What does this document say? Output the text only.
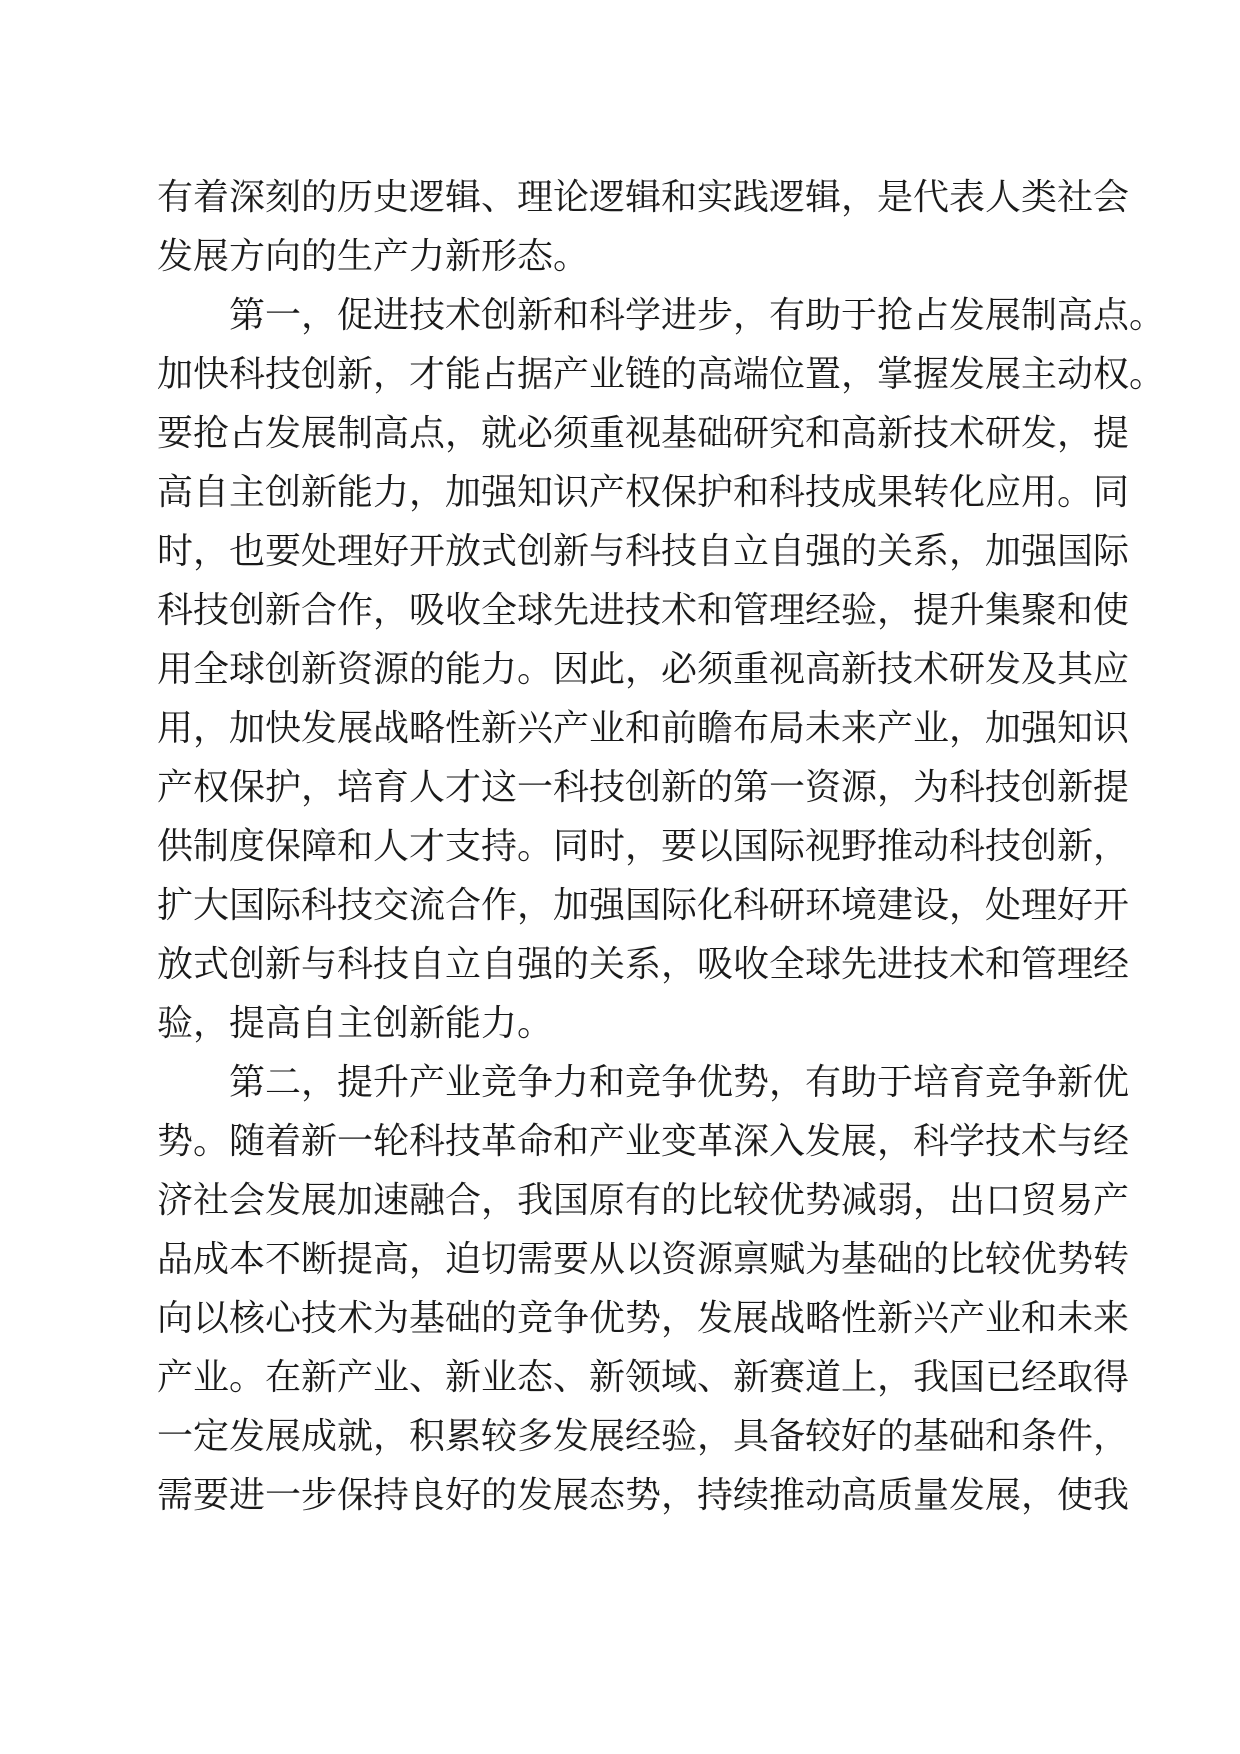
有着深刻的历史逻辑、理论逻辑和实践逻辑，是代表人类社会
发展方向的生产力新形态。
第一，促进技术创新和科学进步，有助于抢占发展制高点。
加快科技创新，才能占据产业链的高端位置，掌握发展主动权。
要抢占发展制高点，就必须重视基础研究和高新技术研发，提
高自主创新能力，加强知识产权保护和科技成果转化应用。同
时，也要处理好开放式创新与科技自立自强的关系，加强国际
科技创新合作，吸收全球先进技术和管理经验，提升集聚和使
用全球创新资源的能力。因此，必须重视高新技术研发及其应
用，加快发展战略性新兴产业和前瞻布局未来产业，加强知识
产权保护，培育人才这一科技创新的第一资源，为科技创新提
供制度保障和人才支持。同时，要以国际视野推动科技创新，
扩大国际科技交流合作，加强国际化科研环境建设，处理好开
放式创新与科技自立自强的关系，吸收全球先进技术和管理经
验，提高自主创新能力。
第二，提升产业竞争力和竞争优势，有助于培育竞争新优
势。随着新一轮科技革命和产业变革深入发展，科学技术与经
济社会发展加速融合，我国原有的比较优势减弱，出口贸易产
品成本不断提高，迫切需要从以资源禀赋为基础的比较优势转
向以核心技术为基础的竞争优势，发展战略性新兴产业和未来
产业。在新产业、新业态、新领域、新赛道上，我国已经取得
一定发展成就，积累较多发展经验，具备较好的基础和条件，
需要进一步保持良好的发展态势，持续推动高质量发展，使我
